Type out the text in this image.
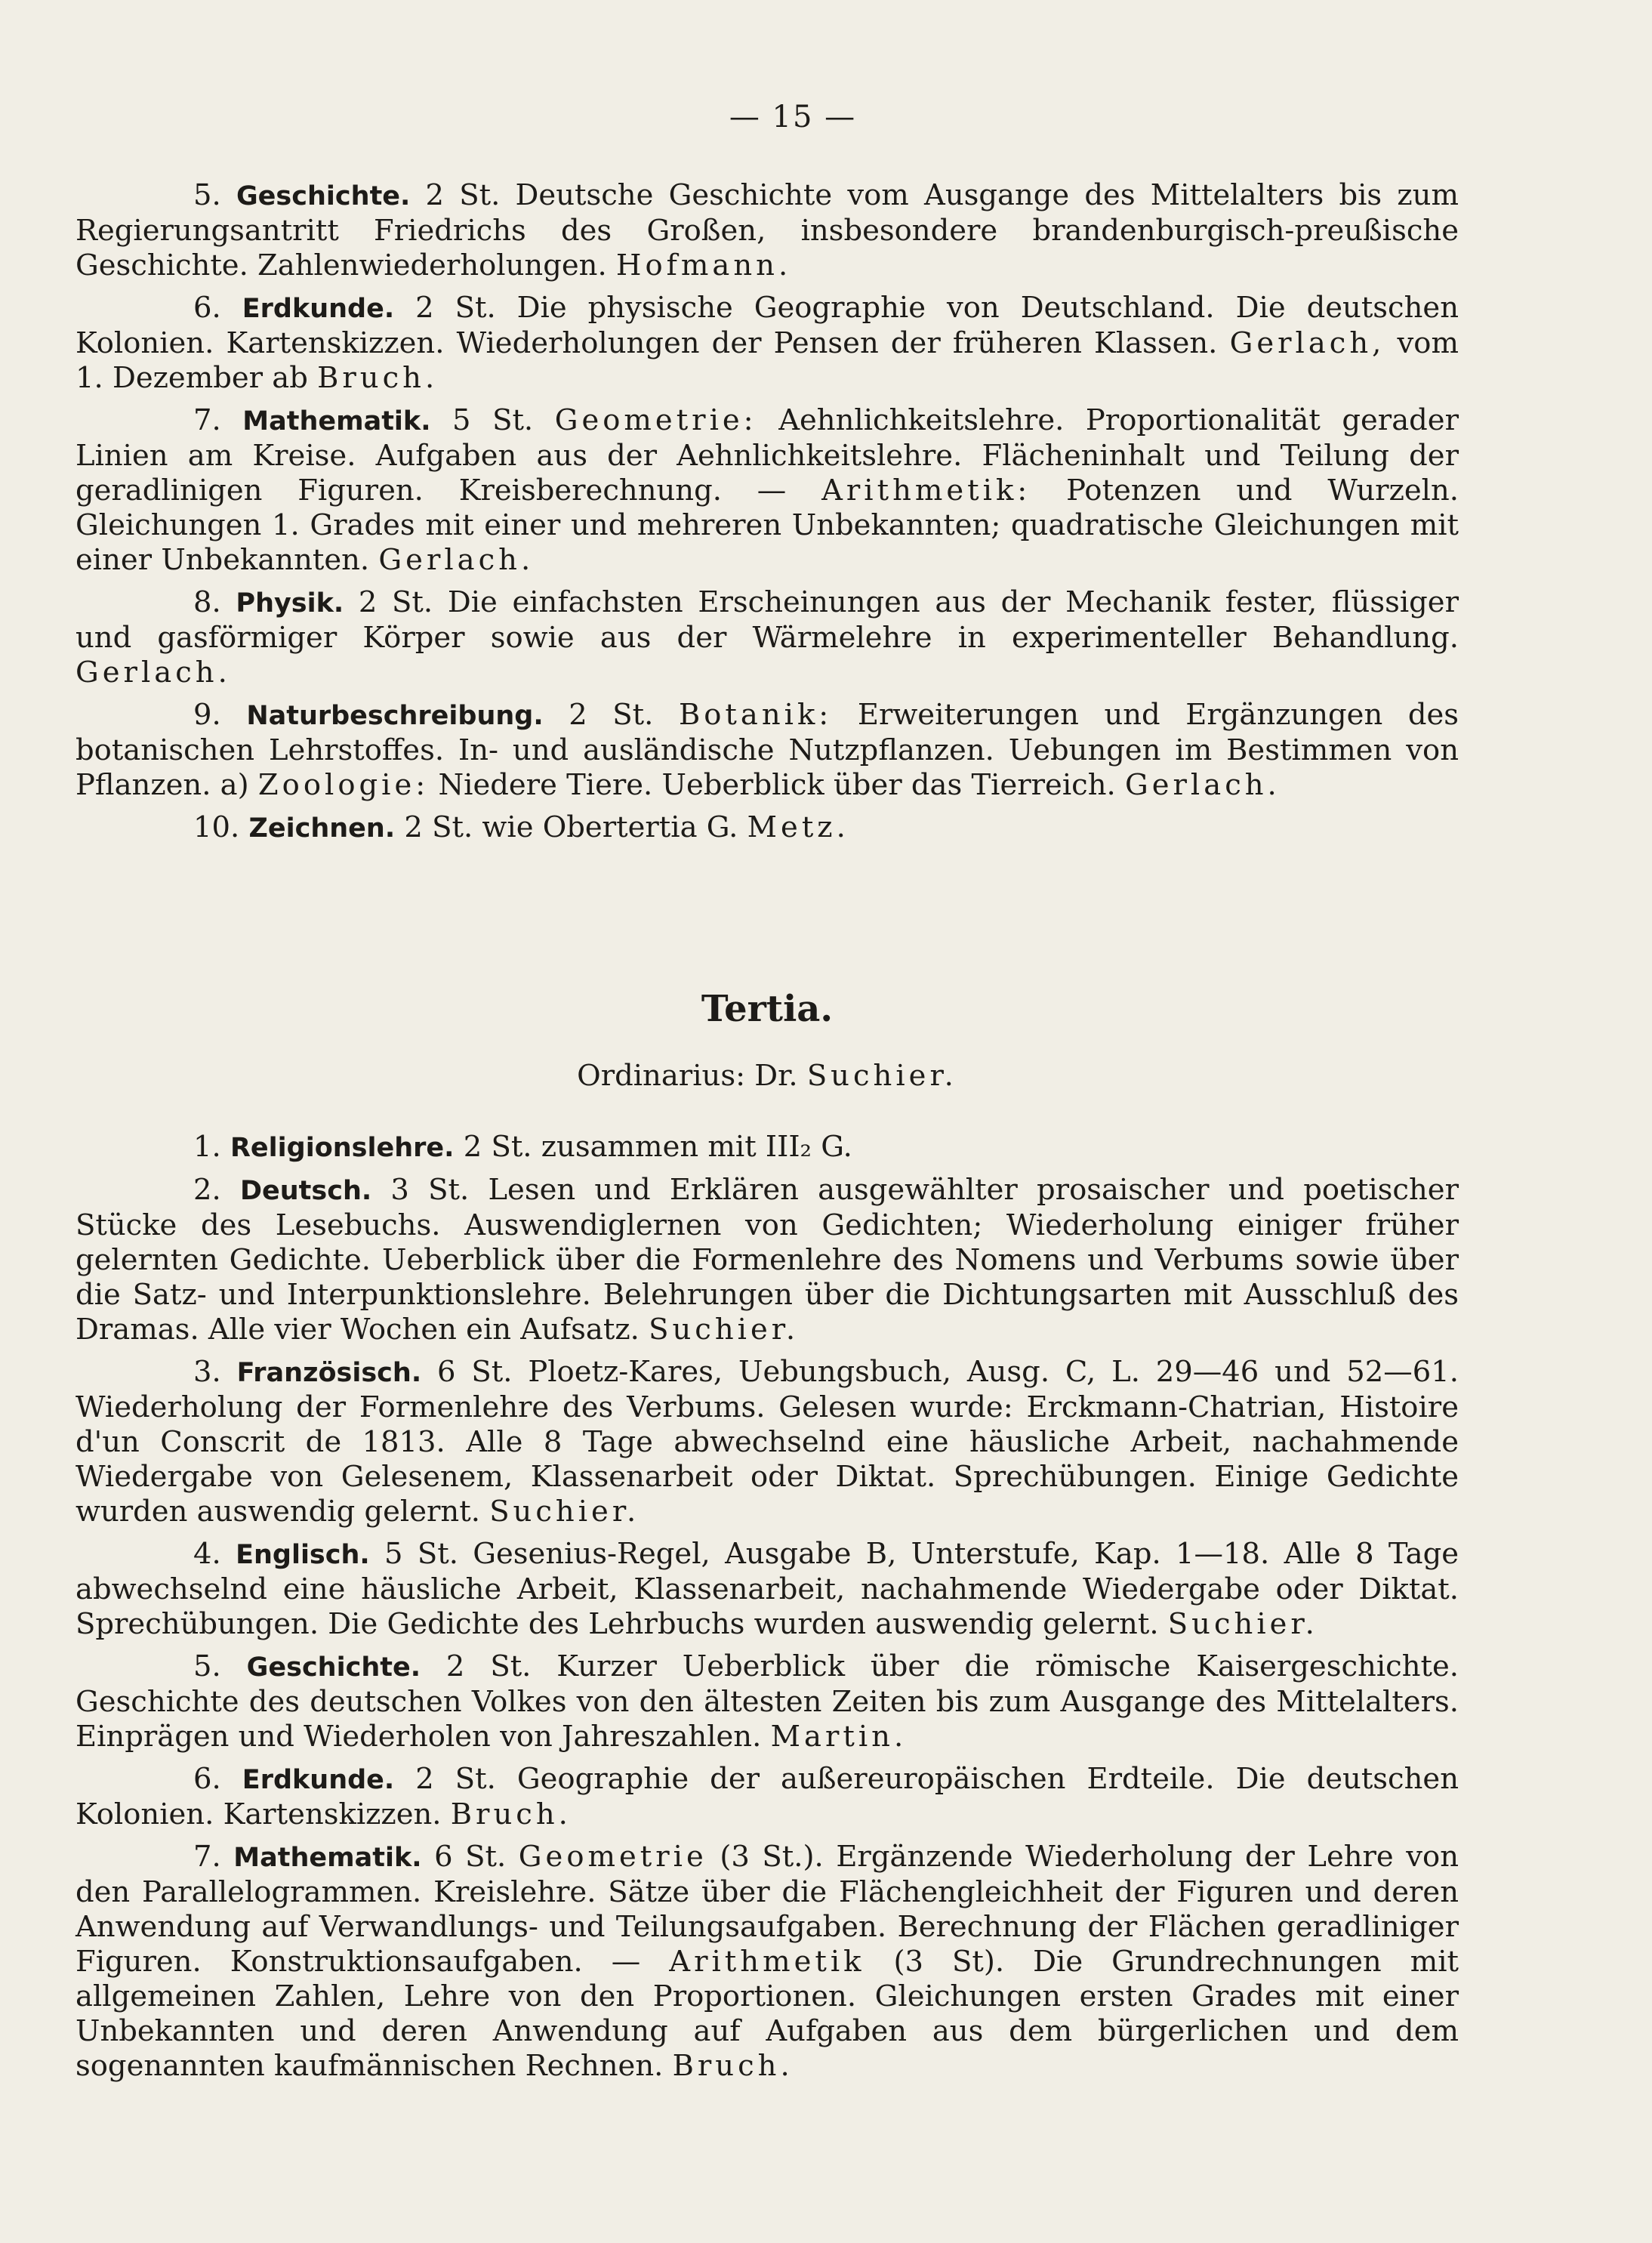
— 15 —

5. Geschichte. 2 St. Deutsche Geschichte vom Ausgange des Mittelalters bis zum Regierungsantritt Friedrichs des Großen, insbesondere brandenburgisch-preußische Geschichte. Zahlenwiederholungen. Hofmann.

6. Erdkunde. 2 St. Die physische Geographie von Deutschland. Die deutschen Kolonien. Kartenskizzen. Wiederholungen der Pensen der früheren Klassen. Gerlach, vom 1. Dezember ab Bruch.

7. Mathematik. 5 St. Geometrie: Aehnlichkeitslehre. Proportionalität gerader Linien am Kreise. Aufgaben aus der Aehnlichkeitslehre. Flächeninhalt und Teilung der geradlinigen Figuren. Kreisberechnung. — Arithmetik: Potenzen und Wurzeln. Gleichungen 1. Grades mit einer und mehreren Unbekannten; quadratische Gleichungen mit einer Unbekannten. Gerlach.

8. Physik. 2 St. Die einfachsten Erscheinungen aus der Mechanik fester, flüssiger und gasförmiger Körper sowie aus der Wärmelehre in experimenteller Behandlung. Gerlach.

9. Naturbeschreibung. 2 St. Botanik: Erweiterungen und Ergänzungen des botanischen Lehrstoffes. In- und ausländische Nutzpflanzen. Uebungen im Bestimmen von Pflanzen. a) Zoologie: Niedere Tiere. Ueberblick über das Tierreich. Gerlach.

10. Zeichnen. 2 St. wie Obertertia G. Metz.

Tertia.
Ordinarius: Dr. Suchier.

1. Religionslehre. 2 St. zusammen mit III₂ G.

2. Deutsch. 3 St. Lesen und Erklären ausgewählter prosaischer und poetischer Stücke des Lesebuchs. Auswendiglernen von Gedichten; Wiederholung einiger früher gelernten Gedichte. Ueberblick über die Formenlehre des Nomens und Verbums sowie über die Satz- und Interpunktionslehre. Belehrungen über die Dichtungsarten mit Ausschluß des Dramas. Alle vier Wochen ein Aufsatz. Suchier.

3. Französisch. 6 St. Ploetz-Kares, Uebungsbuch, Ausg. C, L. 29—46 und 52—61. Wiederholung der Formenlehre des Verbums. Gelesen wurde: Erckmann-Chatrian, Histoire d'un Conscrit de 1813. Alle 8 Tage abwechselnd eine häusliche Arbeit, nachahmende Wiedergabe von Gelesenem, Klassenarbeit oder Diktat. Sprechübungen. Einige Gedichte wurden auswendig gelernt. Suchier.

4. Englisch. 5 St. Gesenius-Regel, Ausgabe B, Unterstufe, Kap. 1—18. Alle 8 Tage abwechselnd eine häusliche Arbeit, Klassenarbeit, nachahmende Wiedergabe oder Diktat. Sprechübungen. Die Gedichte des Lehrbuchs wurden auswendig gelernt. Suchier.

5. Geschichte. 2 St. Kurzer Ueberblick über die römische Kaisergeschichte. Geschichte des deutschen Volkes von den ältesten Zeiten bis zum Ausgange des Mittelalters. Einprägen und Wiederholen von Jahreszahlen. Martin.

6. Erdkunde. 2 St. Geographie der außereuropäischen Erdteile. Die deutschen Kolonien. Kartenskizzen. Bruch.

7. Mathematik. 6 St. Geometrie (3 St.). Ergänzende Wiederholung der Lehre von den Parallelogrammen. Kreislehre. Sätze über die Flächengleichheit der Figuren und deren Anwendung auf Verwandlungs- und Teilungsaufgaben. Berechnung der Flächen geradliniger Figuren. Konstruktionsaufgaben. — Arithmetik (3 St). Die Grundrechnungen mit allgemeinen Zahlen, Lehre von den Proportionen. Gleichungen ersten Grades mit einer Unbekannten und deren Anwendung auf Aufgaben aus dem bürgerlichen und dem sogenannten kaufmännischen Rechnen. Bruch.
